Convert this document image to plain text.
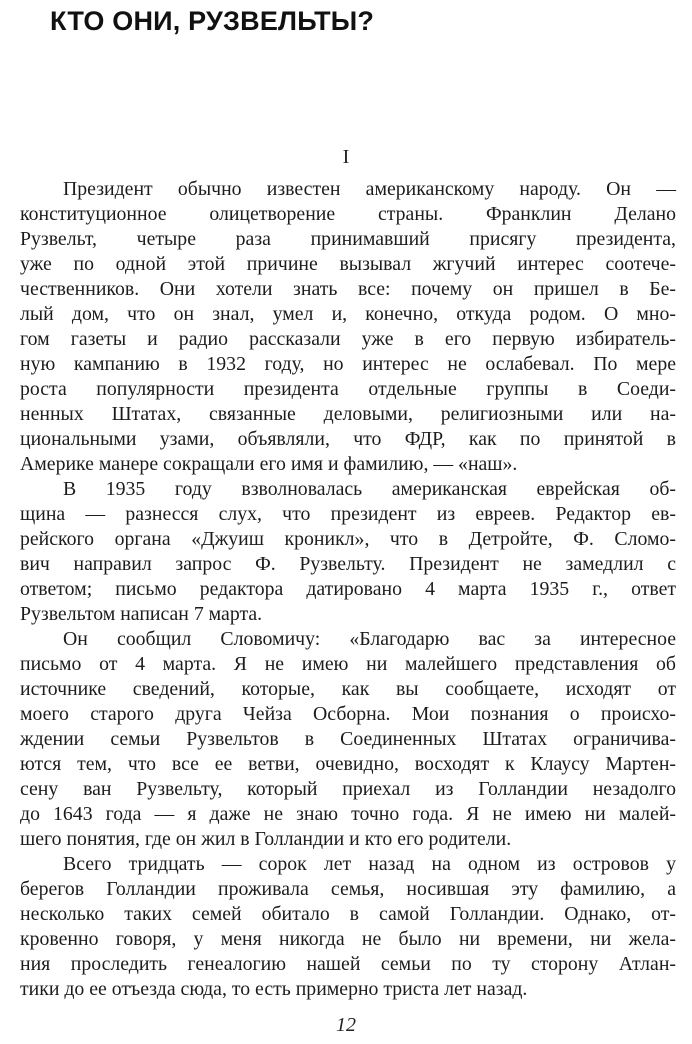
КТО ОНИ, РУЗВЕЛЬТЫ?
I
Президент обычно известен американскому народу. Он —
конституционное олицетворение страны. Франклин Делано
Рузвельт, четыре раза принимавший присягу президента,
уже по одной этой причине вызывал жгучий интерес соотече-
чественников. Они хотели знать все: почему он пришел в Бе-
лый дом, что он знал, умел и, конечно, откуда родом. О мно-
гом газеты и радио рассказали уже в его первую избиратель-
ную кампанию в 1932 году, но интерес не ослабевал. По мере
роста популярности президента отдельные группы в Соеди-
ненных Штатах, связанные деловыми, религиозными или на-
циональными узами, объявляли, что ФДР, как по принятой в
Америке манере сокращали его имя и фамилию, — «наш».
В 1935 году взволновалась американская еврейская об-
щина — разнесся слух, что президент из евреев. Редактор ев-
рейского органа «Джуиш кроникл», что в Детройте, Ф. Сломо-
вич направил запрос Ф. Рузвельту. Президент не замедлил с
ответом; письмо редактора датировано 4 марта 1935 г., ответ
Рузвельтом написан 7 марта.
Он сообщил Словомичу: «Благодарю вас за интересное
письмо от 4 марта. Я не имею ни малейшего представления об
источнике сведений, которые, как вы сообщаете, исходят от
моего старого друга Чейза Осборна. Мои познания о происхо-
ждении семьи Рузвельтов в Соединенных Штатах ограничива-
ются тем, что все ее ветви, очевидно, восходят к Клаусу Мартен-
сену ван Рузвельту, который приехал из Голландии незадолго
до 1643 года — я даже не знаю точно года. Я не имею ни малей-
шего понятия, где он жил в Голландии и кто его родители.
Всего тридцать — сорок лет назад на одном из островов у
берегов Голландии проживала семья, носившая эту фамилию, а
несколько таких семей обитало в самой Голландии. Однако, от-
кровенно говоря, у меня никогда не было ни времени, ни жела-
ния проследить генеалогию нашей семьи по ту сторону Атлан-
тики до ее отъезда сюда, то есть примерно триста лет назад.
12
